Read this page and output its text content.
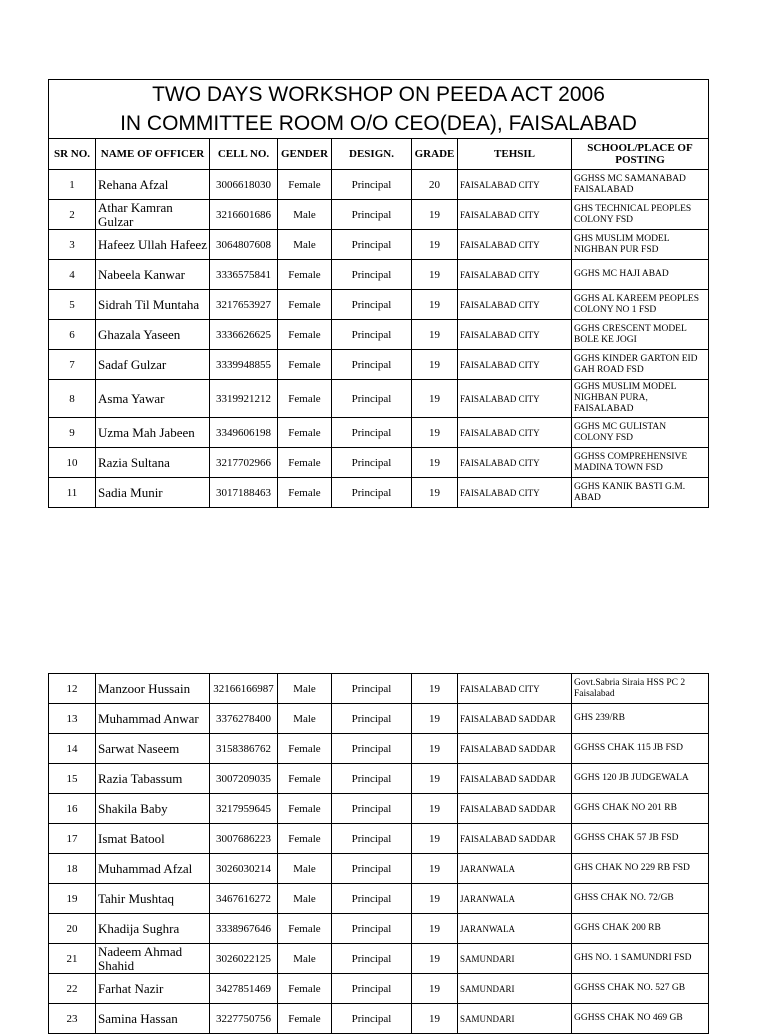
TWO DAYS WORKSHOP ON PEEDA ACT 2006
IN COMMITTEE ROOM O/O CEO(DEA), FAISALABAD							

SR NO.	NAME OF OFFICER	CELL NO.	GENDER	DESIGN.	GRADE	TEHSIL	SCHOOL/PLACE OF POSTING
1	Rehana Afzal	3006618030	Female	Principal	20	FAISALABAD CITY	GGHSS MC SAMANABAD FAISALABAD
2	Athar Kamran Gulzar	3216601686	Male	Principal	19	FAISALABAD CITY	GHS TECHNICAL PEOPLES COLONY FSD
3	Hafeez Ullah Hafeez	3064807608	Male	Principal	19	FAISALABAD CITY	GHS MUSLIM MODEL NIGHBAN PUR FSD
4	Nabeela Kanwar	3336575841	Female	Principal	19	FAISALABAD CITY	GGHS MC HAJI ABAD
5	Sidrah Til Muntaha	3217653927	Female	Principal	19	FAISALABAD CITY	GGHS AL KAREEM PEOPLES COLONY NO 1 FSD
6	Ghazala Yaseen	3336626625	Female	Principal	19	FAISALABAD CITY	GGHS CRESCENT MODEL BOLE KE JOGI
7	Sadaf Gulzar	3339948855	Female	Principal	19	FAISALABAD CITY	GGHS KINDER GARTON EID GAH ROAD FSD
8	Asma Yawar	3319921212	Female	Principal	19	FAISALABAD CITY	GGHS MUSLIM MODEL NIGHBAN PURA, FAISALABAD
9	Uzma Mah Jabeen	3349606198	Female	Principal	19	FAISALABAD CITY	GGHS MC GULISTAN COLONY FSD
10	Razia Sultana	3217702966	Female	Principal	19	FAISALABAD CITY	GGHSS COMPREHENSIVE MADINA TOWN FSD
11	Sadia Munir	3017188463	Female	Principal	19	FAISALABAD CITY	GGHS KANIK BASTI G.M. ABAD
12	Manzoor Hussain	32166166987	Male	Principal	19	FAISALABAD CITY	Govt.Sabria Siraia HSS PC 2 Faisalabad
13	Muhammad Anwar	3376278400	Male	Principal	19	FAISALABAD SADDAR	GHS 239/RB
14	Sarwat Naseem	3158386762	Female	Principal	19	FAISALABAD SADDAR	GGHSS CHAK 115 JB FSD
15	Razia Tabassum	3007209035	Female	Principal	19	FAISALABAD SADDAR	GGHS 120 JB JUDGEWALA
16	Shakila Baby	3217959645	Female	Principal	19	FAISALABAD SADDAR	GGHS CHAK NO 201 RB
17	Ismat Batool	3007686223	Female	Principal	19	FAISALABAD SADDAR	GGHSS CHAK 57 JB FSD
18	Muhammad Afzal	3026030214	Male	Principal	19	JARANWALA	GHS CHAK NO 229 RB FSD
19	Tahir Mushtaq	3467616272	Male	Principal	19	JARANWALA	GHSS CHAK NO. 72/GB
20	Khadija Sughra	3338967646	Female	Principal	19	JARANWALA	GGHS CHAK 200 RB
21	Nadeem Ahmad Shahid	3026022125	Male	Principal	19	SAMUNDARI	GHS NO. 1 SAMUNDRI FSD
22	Farhat Nazir	3427851469	Female	Principal	19	SAMUNDARI	GGHSS CHAK NO. 527 GB
23	Samina Hassan	3227750756	Female	Principal	19	SAMUNDARI	GGHSS CHAK NO 469 GB
